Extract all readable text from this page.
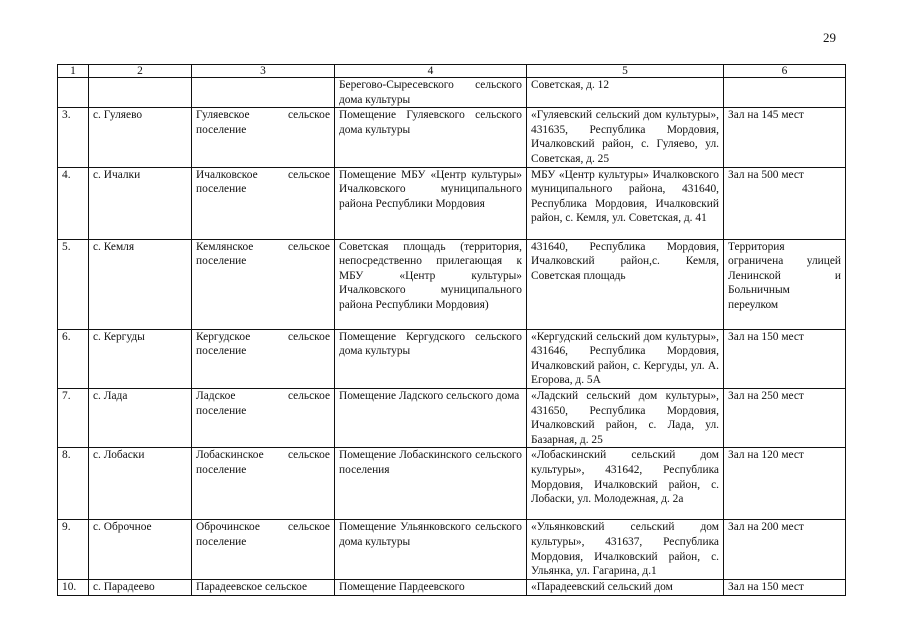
29
1	2	3	4	5	6
			Берегово-Сыресевского сельского дома культуры	Советская, д. 12	
3.	с. Гуляево	Гуляевское сельское поселение	Помещение Гуляевского сельского дома культуры	«Гуляевский сельский дом культуры», 431635, Республика Мордовия, Ичалковский район, с. Гуляево, ул. Советская, д. 25	Зал на 145 мест
4.	с. Ичалки	Ичалковское сельское поселение	Помещение МБУ «Центр культуры» Ичалковского муниципального района Республики Мордовия	МБУ «Центр культуры» Ичалковского муниципального района, 431640, Республика Мордовия, Ичалковский район, с. Кемля, ул. Советская, д. 41	Зал на 500 мест
5.	с. Кемля	Кемлянское сельское поселение	Советская площадь (территория, непосредственно прилегающая к МБУ «Центр культуры» Ичалковского муниципального района Республики Мордовия)	431640, Республика Мордовия, Ичалковский район,с. Кемля, Советская площадь	Территория ограничена улицей Ленинской и Больничным переулком
6.	с. Кергуды	Кергудское сельское поселение	Помещение Кергудского сельского дома культуры	«Кергудский сельский дом культуры», 431646, Республика Мордовия, Ичалковский район, с. Кергуды, ул. А. Егорова, д. 5А	Зал на 150 мест
7.	с. Лада	Ладское сельское поселение	Помещение Ладского сельского дома	«Ладский сельский дом культуры», 431650, Республика Мордовия, Ичалковский район, с. Лада, ул. Базарная, д. 25	Зал на 250 мест
8.	с. Лобаски	Лобаскинское сельское поселение	Помещение Лобаскинского сельского поселения	«Лобаскинский сельский дом культуры», 431642, Республика Мордовия, Ичалковский район, с. Лобаски, ул. Молодежная, д. 2а	Зал на 120 мест
9.	с. Оброчное	Оброчинское сельское поселение	Помещение Ульянковского сельского дома культуры	«Ульянковский сельский дом культуры», 431637, Республика Мордовия, Ичалковский район, с. Ульянка, ул. Гагарина, д.1	Зал на 200 мест
10.	с. Парадеево	Парадеевское сельское	Помещение Пардеевского	«Парадеевский сельский дом	Зал на 150 мест
